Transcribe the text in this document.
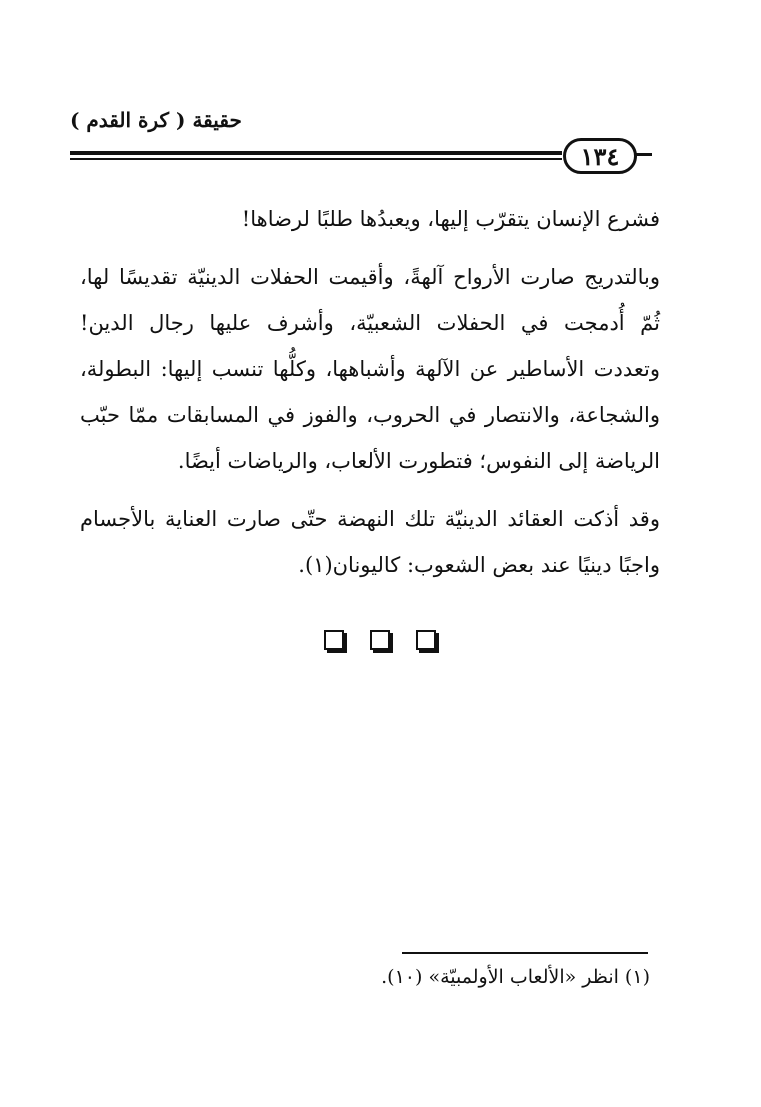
حقيقة ( كرة القدم )
١٣٤

فشرع الإنسان يتقرّب إليها، ويعبدُها طلبًا لرضاها!

وبالتدريج صارت الأرواح آلهةً، وأقيمت الحفلات الدينيّة تقديسًا لها، ثُمّ أُدمجت في الحفلات الشعبيّة، وأشرف عليها رجال الدين! وتعددت الأساطير عن الآلهة وأشباهها، وكلُّها تنسب إليها: البطولة، والشجاعة، والانتصار في الحروب، والفوز في المسابقات ممّا حبّب الرياضة إلى النفوس؛ فتطورت الألعاب، والرياضات أيضًا.

وقد أذكت العقائد الدينيّة تلك النهضة حتّى صارت العناية بالأجسام واجبًا دينيًا عند بعض الشعوب: كاليونان(١).

(١) انظر «الألعاب الأولمبيّة» (١٠).
